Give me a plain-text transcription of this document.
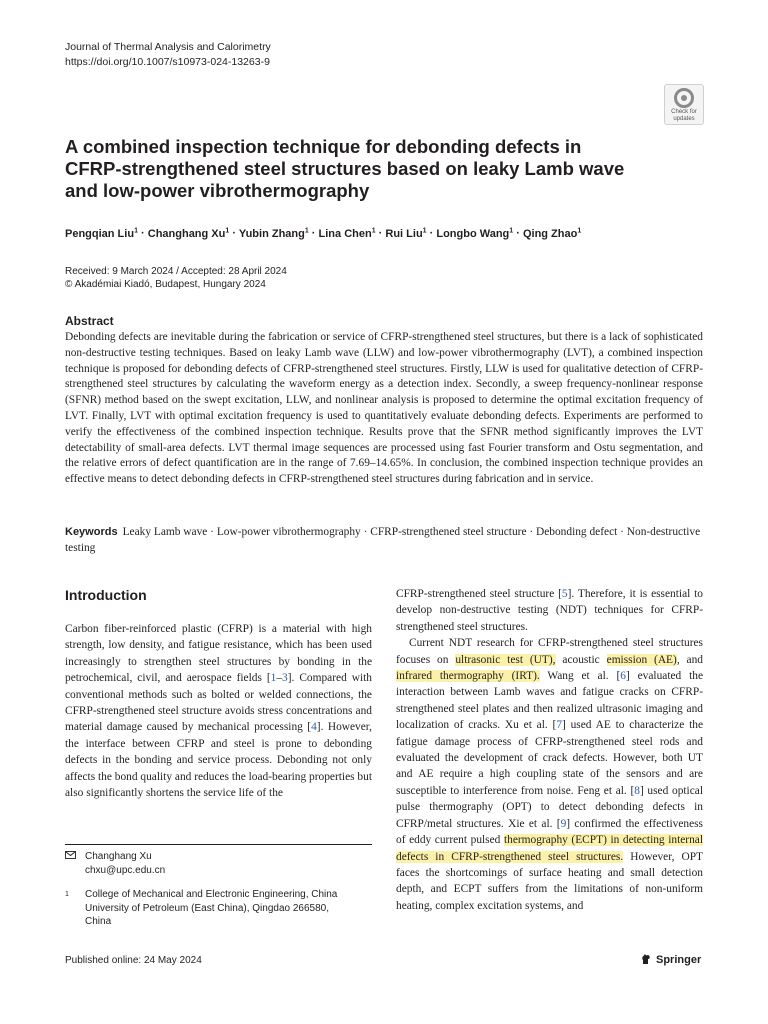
Journal of Thermal Analysis and Calorimetry
https://doi.org/10.1007/s10973-024-13263-9
Check for
updates
A combined inspection technique for debonding defects in CFRP-strengthened steel structures based on leaky Lamb wave and low-power vibrothermography
Pengqian Liu$^1$ · Changhang $Xu^1$ · Yubin Zhang$^1$ · Lina Chen$^1$ · Rui Liu$^1$ · Longbo Wang$^1$ · Qing Zhao$^1$
Received: 9 March 2024 / Accepted: 28 April 2024
© Akadémiai Kiadó, Budapest, Hungary 2024
Abstract
Debonding defects are inevitable during the fabrication or service of CFRP-strengthened steel structures, but there is a lack of sophisticated non-destructive testing techniques. Based on leaky Lamb wave (LLW) and low-power vibrothermography (LVT), a combined inspection technique is proposed for debonding defects of CFRP-strengthened steel structures. Firstly, LLW is used for qualitative detection of CFRP-strengthened steel structures by calculating the waveform energy as a detection index. Secondly, a sweep frequency-nonlinear response (SFNR) method based on the swept excitation, LLW, and nonlinear analysis is proposed to determine the optimal excitation frequency of LVT. Finally, LVT with optimal excitation frequency is used to quantitatively evaluate debonding defects. Experiments are performed to verify the effectiveness of the combined inspection technique. Results prove that the SFNR method significantly improves the LVT detectability of small-area defects. LVT thermal image sequences are processed using fast Fourier transform and Ostu segmentation, and the relative errors of defect quantification are in the range of 7.69–14.65%. In conclusion, the combined inspection technique provides an effective means to detect debonding defects in CFRP-strengthened steel structures during fabrication and in service.
Keywords Leaky Lamb wave · Low-power vibrothermography · CFRP-strengthened steel structure · Debonding defect · Non-destructive testing
Introduction

Carbon fiber-reinforced plastic (CFRP) is a material with high strength, low density, and fatigue resistance, which has been used increasingly to strengthen steel structures by bonding in the petrochemical, civil, and aerospace fields [1–3]. Compared with conventional methods such as bolted or welded connections, the CFRP-strengthened steel structure avoids stress concentrations and material damage caused by mechanical processing [4]. However, the interface between CFRP and steel is prone to debonding defects in the bonding and service process. Debonding not only affects the bond quality and reduces the load-bearing properties but also significantly shortens the service life of the

CFRP-strengthened steel structure [5]. Therefore, it is essential to develop non-destructive testing (NDT) techniques for CFRP-strengthened steel structures.

Current NDT research for CFRP-strengthened steel structures focuses on ultrasonic test (UT), acoustic emission (AE), and infrared thermography (IRT). Wang et al. [6] evaluated the interaction between Lamb waves and fatigue cracks on CFRP-strengthened steel plates and then realized ultrasonic imaging and localization of cracks. Xu et al. [7] used AE to characterize the fatigue damage process of CFRP-strengthened steel rods and evaluated the development of crack defects. However, both UT and AE require a high coupling state of the sensors and are susceptible to interference from noise. Feng et al. [8] used optical pulse thermography (OPT) to detect debonding defects in CFRP/metal structures. Xie et al. [9] confirmed the effectiveness of eddy current pulsed thermography (ECPT) in detecting internal defects in CFRP-strengthened steel structures. However, OPT faces the shortcomings of surface heating and small detection depth, and ECPT suffers from the limitations of non-uniform heating, complex excitation systems, and

Changhang Xu
chxu@upc.edu.cn
1 College of Mechanical and Electronic Engineering, China
University of Petroleum (East China), Qingdao 266580,
China
Published online: 24 May 2024	Springer
